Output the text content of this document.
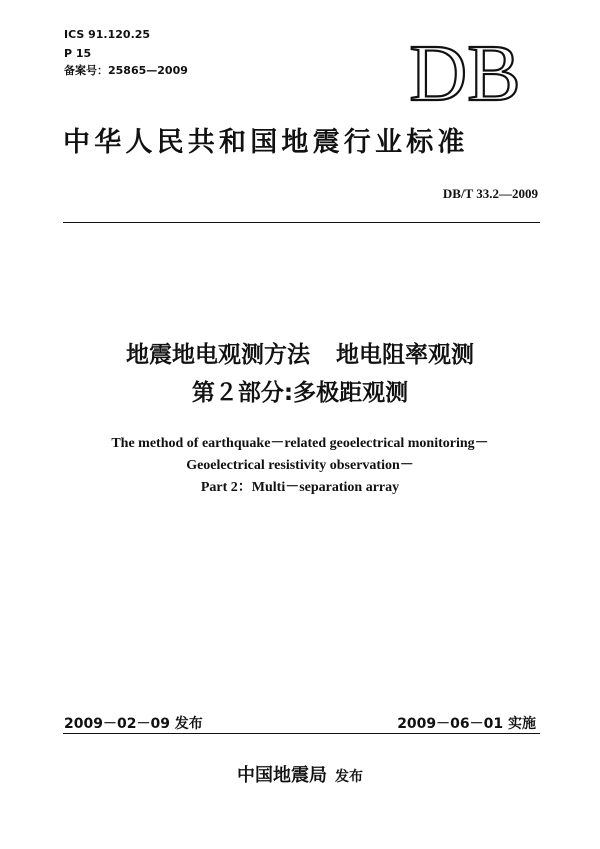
ICS 91.120.25
P 15
备案号：25865—2009	DB
中华人民共和国地震行业标准
DB/T 33.2—2009
地震地电观测方法 地电阻率观测
第２部分:多极距观测
The method of earthquake－related geoelectrical monitoring－
Geoelectrical resistivity observation－
Part 2：Multi－separation array
2009－02－09 发布	2009－06－01 实施
中国地震局 发布
